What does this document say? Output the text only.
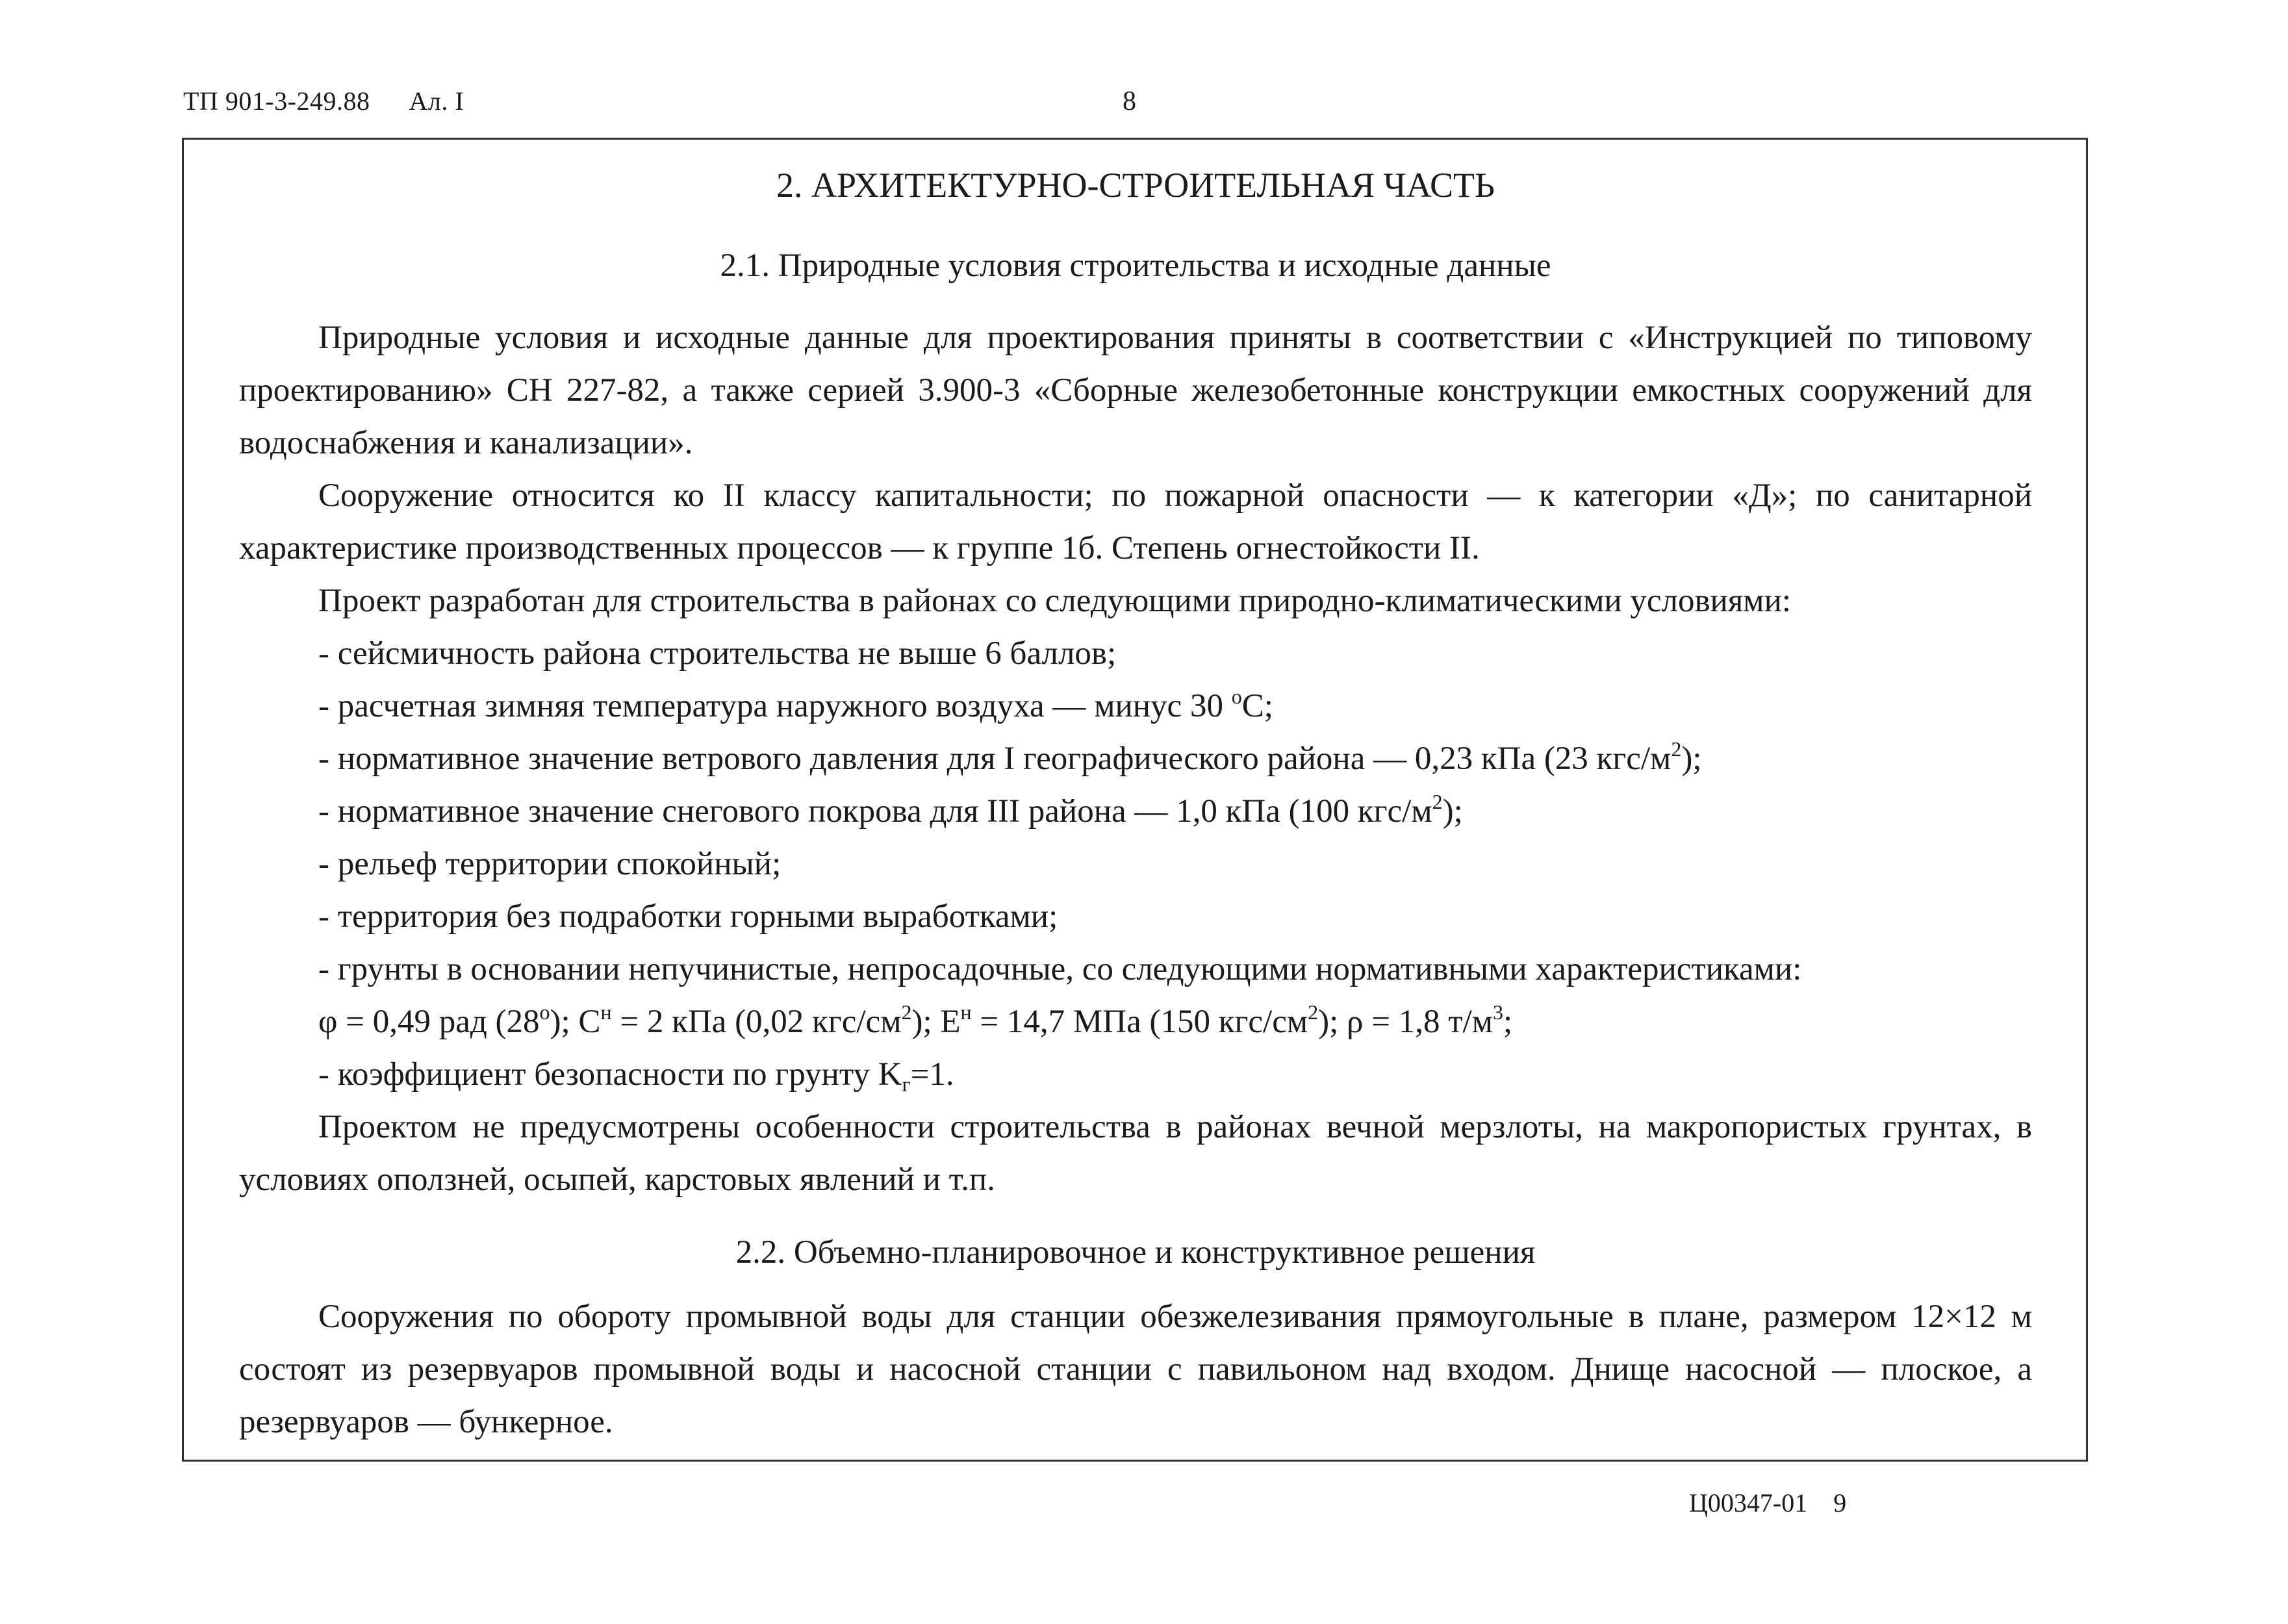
ТП 901-3-249.88 Ал. I	8
2. АРХИТЕКТУРНО-СТРОИТЕЛЬНАЯ ЧАСТЬ
2.1. Природные условия строительства и исходные данные

Природные условия и исходные данные для проектирования приняты в соответствии с «Инструкцией по типовому проектированию» СН 227-82, а также серией 3.900-3 «Сборные железобетонные конструкции емкостных сооружений для водоснабжения и канализации».

Сооружение относится ко II классу капитальности; по пожарной опасности — к категории «Д»; по санитарной характеристике производственных процессов — к группе 1б. Степень огнестойкости II.

Проект разработан для строительства в районах со следующими природно-климатическими условиями:

- сейсмичность района строительства не выше 6 баллов;

- расчетная зимняя температура наружного воздуха — минус 30 $^о$С;

- нормативное значение ветрового давления для I географического района — 0,23 кПа (23 кгс/$м^2$);

- нормативное значение снегового покрова для III района — 1,0 кПа (100 кгс/$м^2$);

- рельеф территории спокойный;

- территория без подработки горными выработками;

- грунты в основании непучинистые, непросадочные, со следующими нормативными характеристиками:

φ = 0,49 рад $(28^о)$; $C^н = 2$ кПа (0,02 кгс/$см^2$); $E^н = 14,7$ МПа (150 кгс/$см^2$); ρ = 1,8 $т/м^3$;

- коэффициент безопасности по грунту $K_г=1$.

Проектом не предусмотрены особенности строительства в районах вечной мерзлоты, на макропористых грунтах, в условиях оползней, осыпей, карстовых явлений и т.п.

2.2. Объемно-планировочное и конструктивное решения

Сооружения по обороту промывной воды для станции обезжелезивания прямоугольные в плане, размером 12×12 м состоят из резервуаров промывной воды и насосной станции с павильоном над входом. Днище насосной — плоское, а резервуаров — бункерное.

Ц00347-01 9
